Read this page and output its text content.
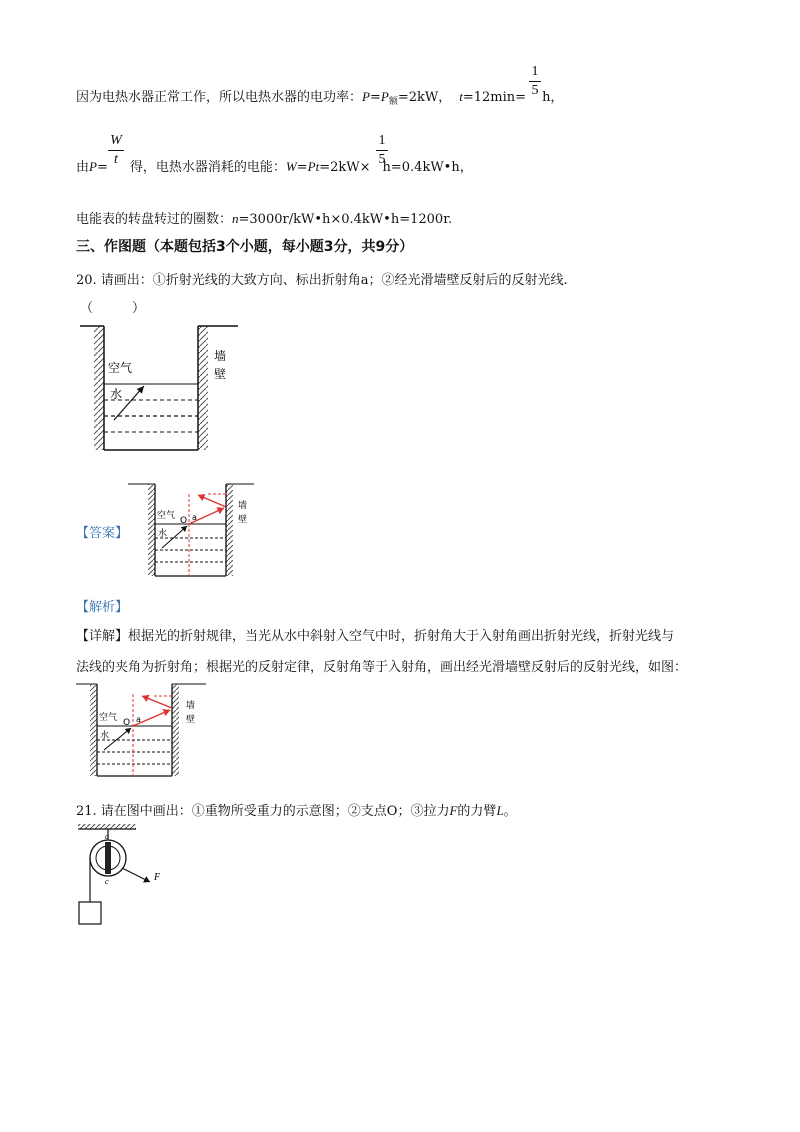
1
5
因为电热水器正常工作，所以电热水器的电功率：$P=P_额=2kW$， t=12min= h，
W
t
1
5
由P= 得，电热水器消耗的电能：W=Pt=2kW× h=0.4kW•h，
电能表的转盘转过的圈数：n=3000r/kW•h×0.4kW•h=1200r.
三、作图题（本题包括3个小题，每小题3分，共9分）
20. 请画出：①折射光线的大致方向、标出折射角a；②经光滑墙壁反射后的反射光线.
（　　　）
空气
水
墙
壁
【答案】
空气
水
O a
墙
壁
【解析】
【详解】根据光的折射规律，当光从水中斜射入空气中时，折射角大于入射角画出折射光线，折射光线与
法线的夹角为折射角；根据光的反射定律，反射角等于入射角，画出经光滑墙壁反射后的反射光线，如图：
空气
水
O a
墙
壁
21. 请在图中画出：①重物所受重力的示意图；②支点O；③拉力F的力臂L。
a
c	F
